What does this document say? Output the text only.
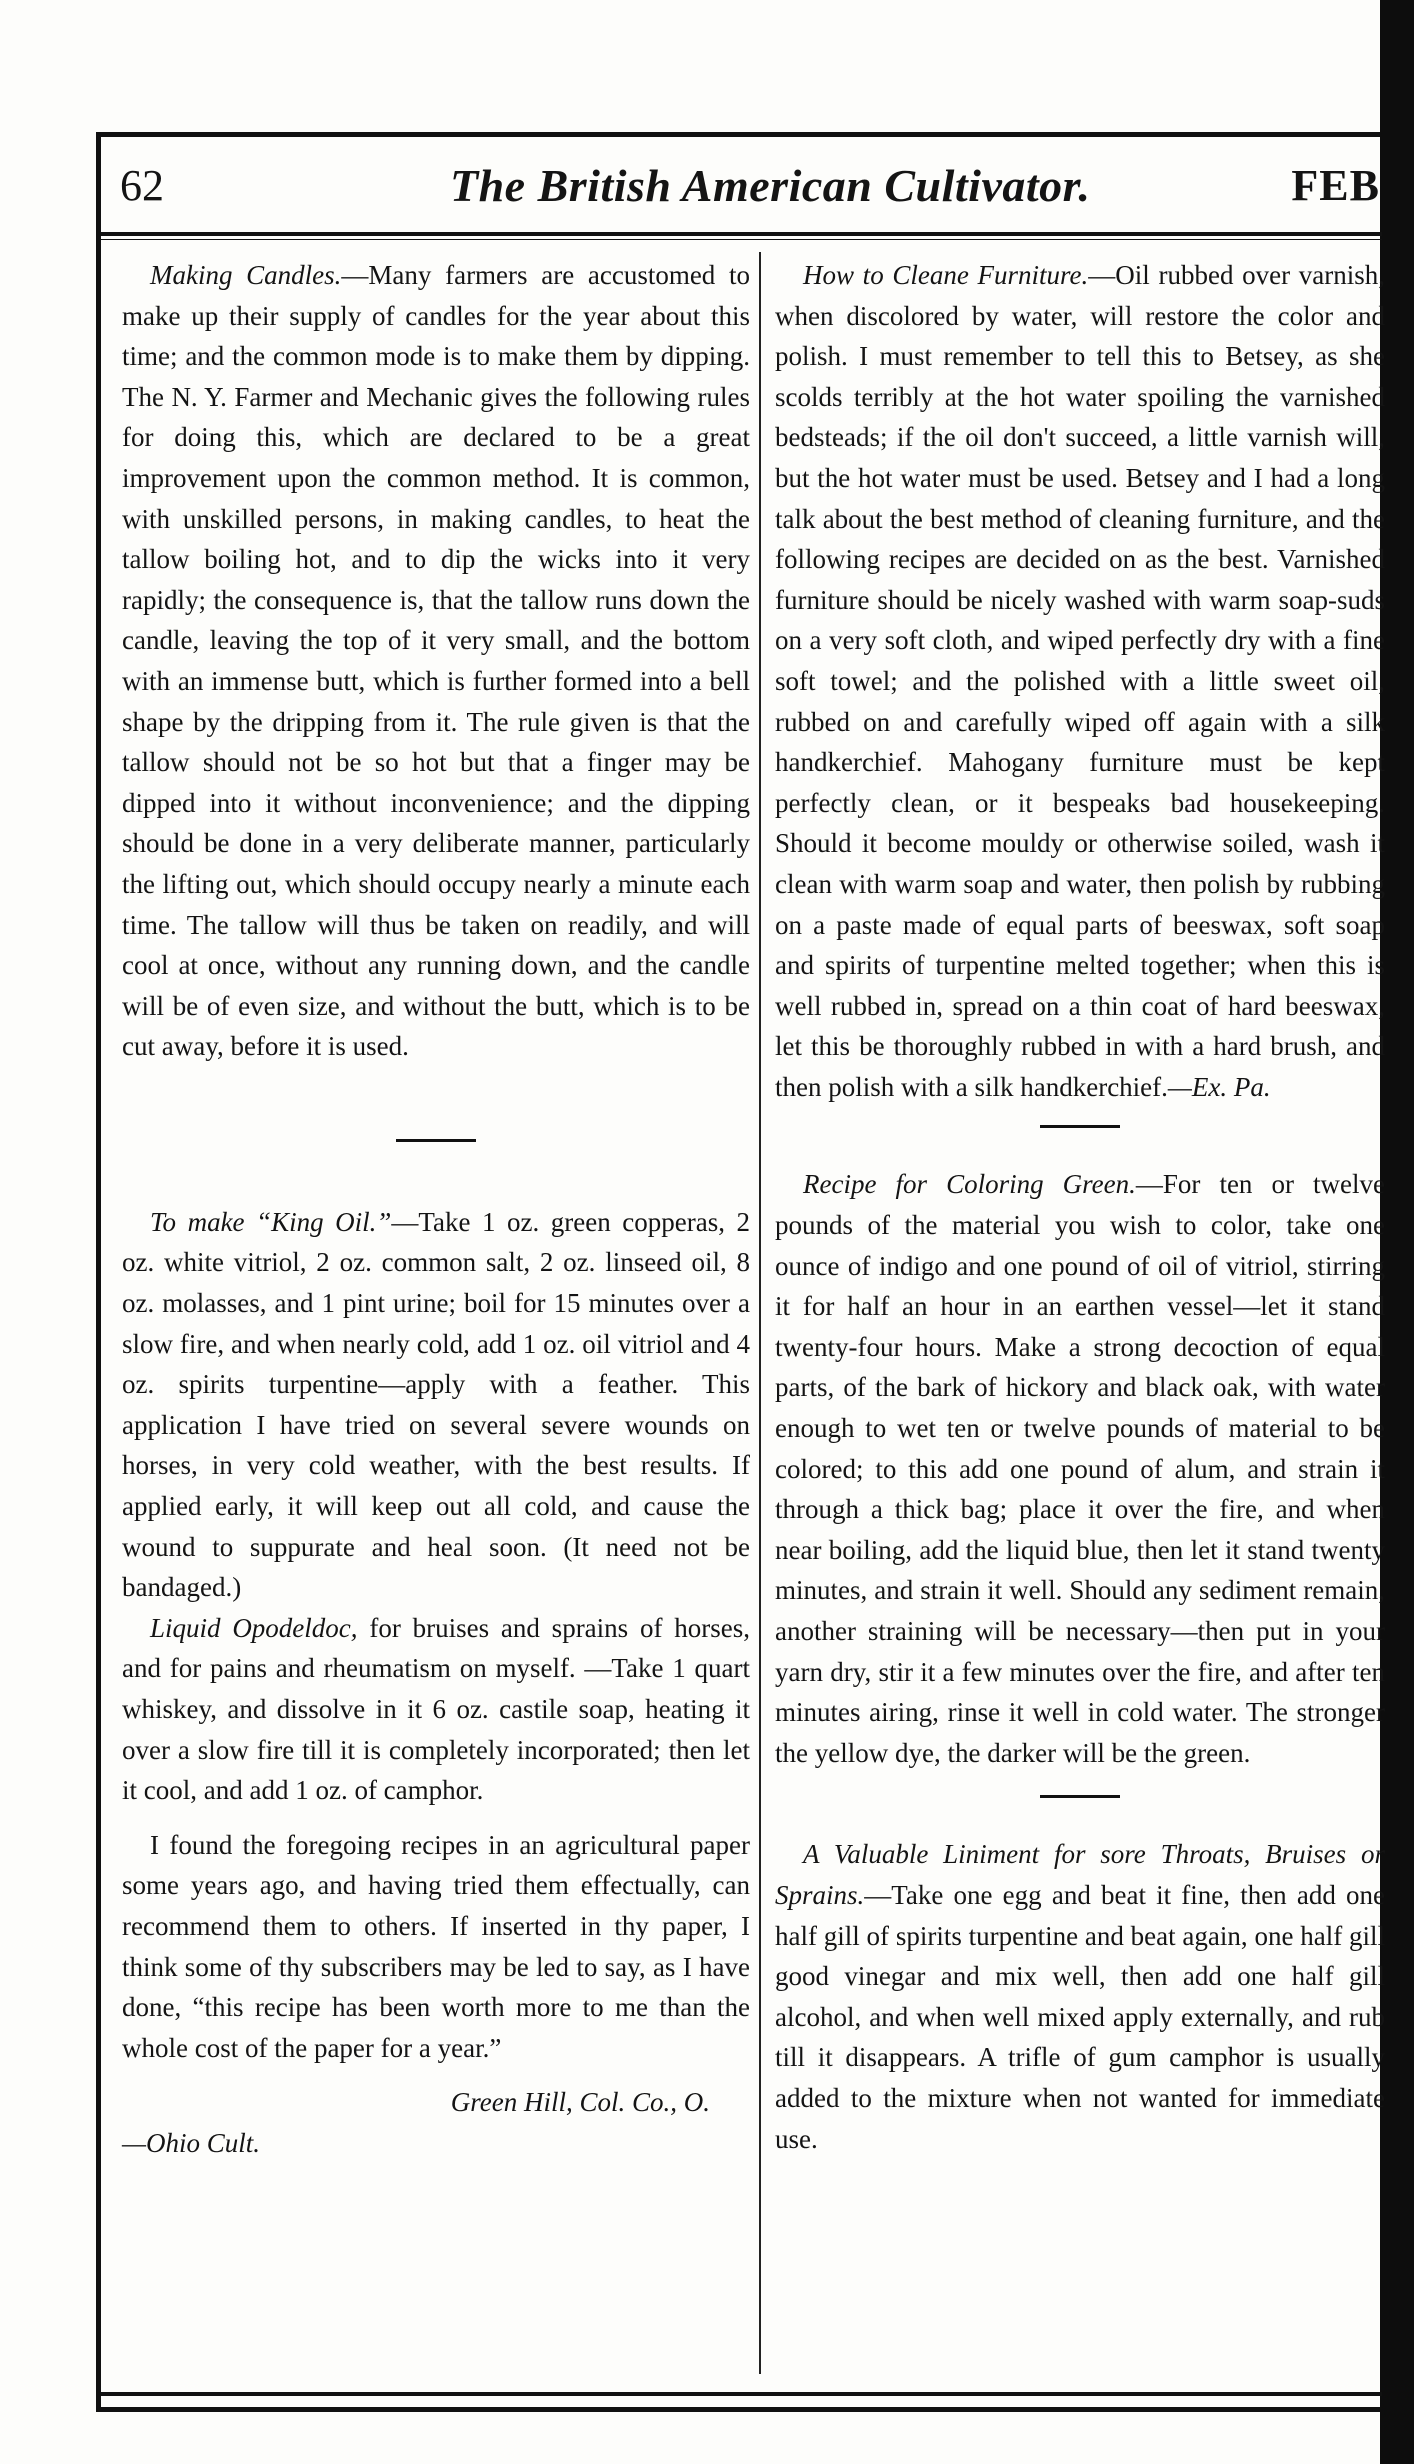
62	The British American Cultivator.	FEB

Making Candles.—Many farmers are accustomed to make up their supply of candles for the year about this time; and the common mode is to make them by dipping. The N. Y. Farmer and Mechanic gives the following rules for doing this, which are declared to be a great improvement upon the common method. It is common, with unskilled persons, in making candles, to heat the tallow boiling hot, and to dip the wicks into it very rapidly; the consequence is, that the tallow runs down the candle, leaving the top of it very small, and the bottom with an immense butt, which is further formed into a bell shape by the dripping from it. The rule given is that the tallow should not be so hot but that a finger may be dipped into it without inconvenience; and the dipping should be done in a very deliberate manner, particularly the lifting out, which should occupy nearly a minute each time. The tallow will thus be taken on readily, and will cool at once, without any running down, and the candle will be of even size, and without the butt, which is to be cut away, before it is used.

To make “King Oil.”—Take 1 oz. green copperas, 2 oz. white vitriol, 2 oz. common salt, 2 oz. linseed oil, 8 oz. molasses, and 1 pint urine; boil for 15 minutes over a slow fire, and when nearly cold, add 1 oz. oil vitriol and 4 oz. spirits turpentine—apply with a feather. This application I have tried on several severe wounds on horses, in very cold weather, with the best results. If applied early, it will keep out all cold, and cause the wound to suppurate and heal soon. (It need not be bandaged.)

Liquid Opodeldoc, for bruises and sprains of horses, and for pains and rheumatism on myself. —Take 1 quart whiskey, and dissolve in it 6 oz. castile soap, heating it over a slow fire till it is completely incorporated; then let it cool, and add 1 oz. of camphor.

I found the foregoing recipes in an agricultural paper some years ago, and having tried them effectually, can recommend them to others. If inserted in thy paper, I think some of thy subscribers may be led to say, as I have done, “this recipe has been worth more to me than the whole cost of the paper for a year.”

Green Hill, Col. Co., O.
—Ohio Cult.

How to Cleane Furniture.—Oil rubbed over varnish, when discolored by water, will restore the color and polish. I must remember to tell this to Betsey, as she scolds terribly at the hot water spoiling the varnished bedsteads; if the oil don't succeed, a little varnish will, but the hot water must be used. Betsey and I had a long talk about the best method of cleaning furniture, and the following recipes are decided on as the best. Varnished furniture should be nicely washed with warm soap-suds on a very soft cloth, and wiped perfectly dry with a fine soft towel; and the polished with a little sweet oil, rubbed on and carefully wiped off again with a silk handkerchief. Mahogany furniture must be kept perfectly clean, or it bespeaks bad housekeeping. Should it become mouldy or otherwise soiled, wash it clean with warm soap and water, then polish by rubbing on a paste made of equal parts of beeswax, soft soap and spirits of turpentine melted together; when this is well rubbed in, spread on a thin coat of hard beeswax, let this be thoroughly rubbed in with a hard brush, and then polish with a silk handkerchief.—Ex. Pa.

Recipe for Coloring Green.—For ten or twelve pounds of the material you wish to color, take one ounce of indigo and one pound of oil of vitriol, stirring it for half an hour in an earthen vessel—let it stand twenty-four hours. Make a strong decoction of equal parts, of the bark of hickory and black oak, with water enough to wet ten or twelve pounds of material to be colored; to this add one pound of alum, and strain it through a thick bag; place it over the fire, and when near boiling, add the liquid blue, then let it stand twenty minutes, and strain it well. Should any sediment remain, another straining will be necessary—then put in your yarn dry, stir it a few minutes over the fire, and after ten minutes airing, rinse it well in cold water. The stronger the yellow dye, the darker will be the green.

A Valuable Liniment for sore Throats, Bruises or Sprains.—Take one egg and beat it fine, then add one half gill of spirits turpentine and beat again, one half gill good vinegar and mix well, then add one half gill alcohol, and when well mixed apply externally, and rub till it disappears. A trifle of gum camphor is usually added to the mixture when not wanted for immediate use.
